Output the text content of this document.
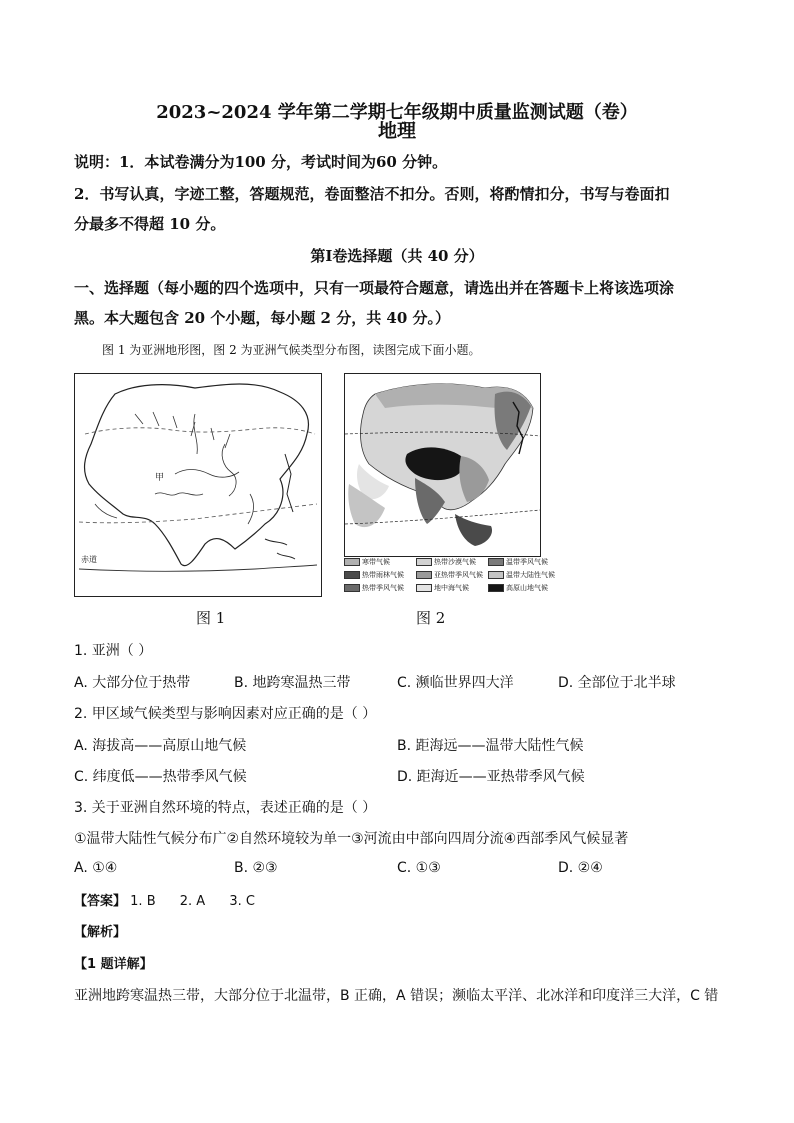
2023~2024 学年第二学期七年级期中质量监测试题（卷）
地理
说明：1．本试卷满分为100 分，考试时间为60 分钟。
2．书写认真，字迹工整，答题规范，卷面整洁不扣分。否则，将酌情扣分，书写与卷面扣
分最多不得超 10 分。
第Ⅰ卷选择题（共 40 分）
一、选择题（每小题的四个选项中，只有一项最符合题意，请选出并在答题卡上将该选项涂
黑。本大题包含 20 个小题，每小题 2 分，共 40 分。）
图 1 为亚洲地形图，图 2 为亚洲气候类型分布图，读图完成下面小题。
赤道
甲
图 1
寒带气候	热带沙漠气候	温带季风气候
热带雨林气候	亚热带季风气候	温带大陆性气候
热带季风气候	地中海气候	高原山地气候
图 2
1. 亚洲（ ）
A. 大部分位于热带	B. 地跨寒温热三带	C. 濒临世界四大洋	D. 全部位于北半球
2. 甲区域气候类型与影响因素对应正确的是（ ）
A. 海拔高——高原山地气候	B. 距海远——温带大陆性气候
C. 纬度低——热带季风气候	D. 距海近——亚热带季风气候
3. 关于亚洲自然环境的特点，表述正确的是（ ）
①温带大陆性气候分布广②自然环境较为单一③河流由中部向四周分流④西部季风气候显著
A. ①④	B. ②③	C. ①③	D. ②④
【答案】 1. B 2. A 3. C
【解析】
【1 题详解】
亚洲地跨寒温热三带，大部分位于北温带，B 正确，A 错误；濒临太平洋、北冰洋和印度洋三大洋，C 错
